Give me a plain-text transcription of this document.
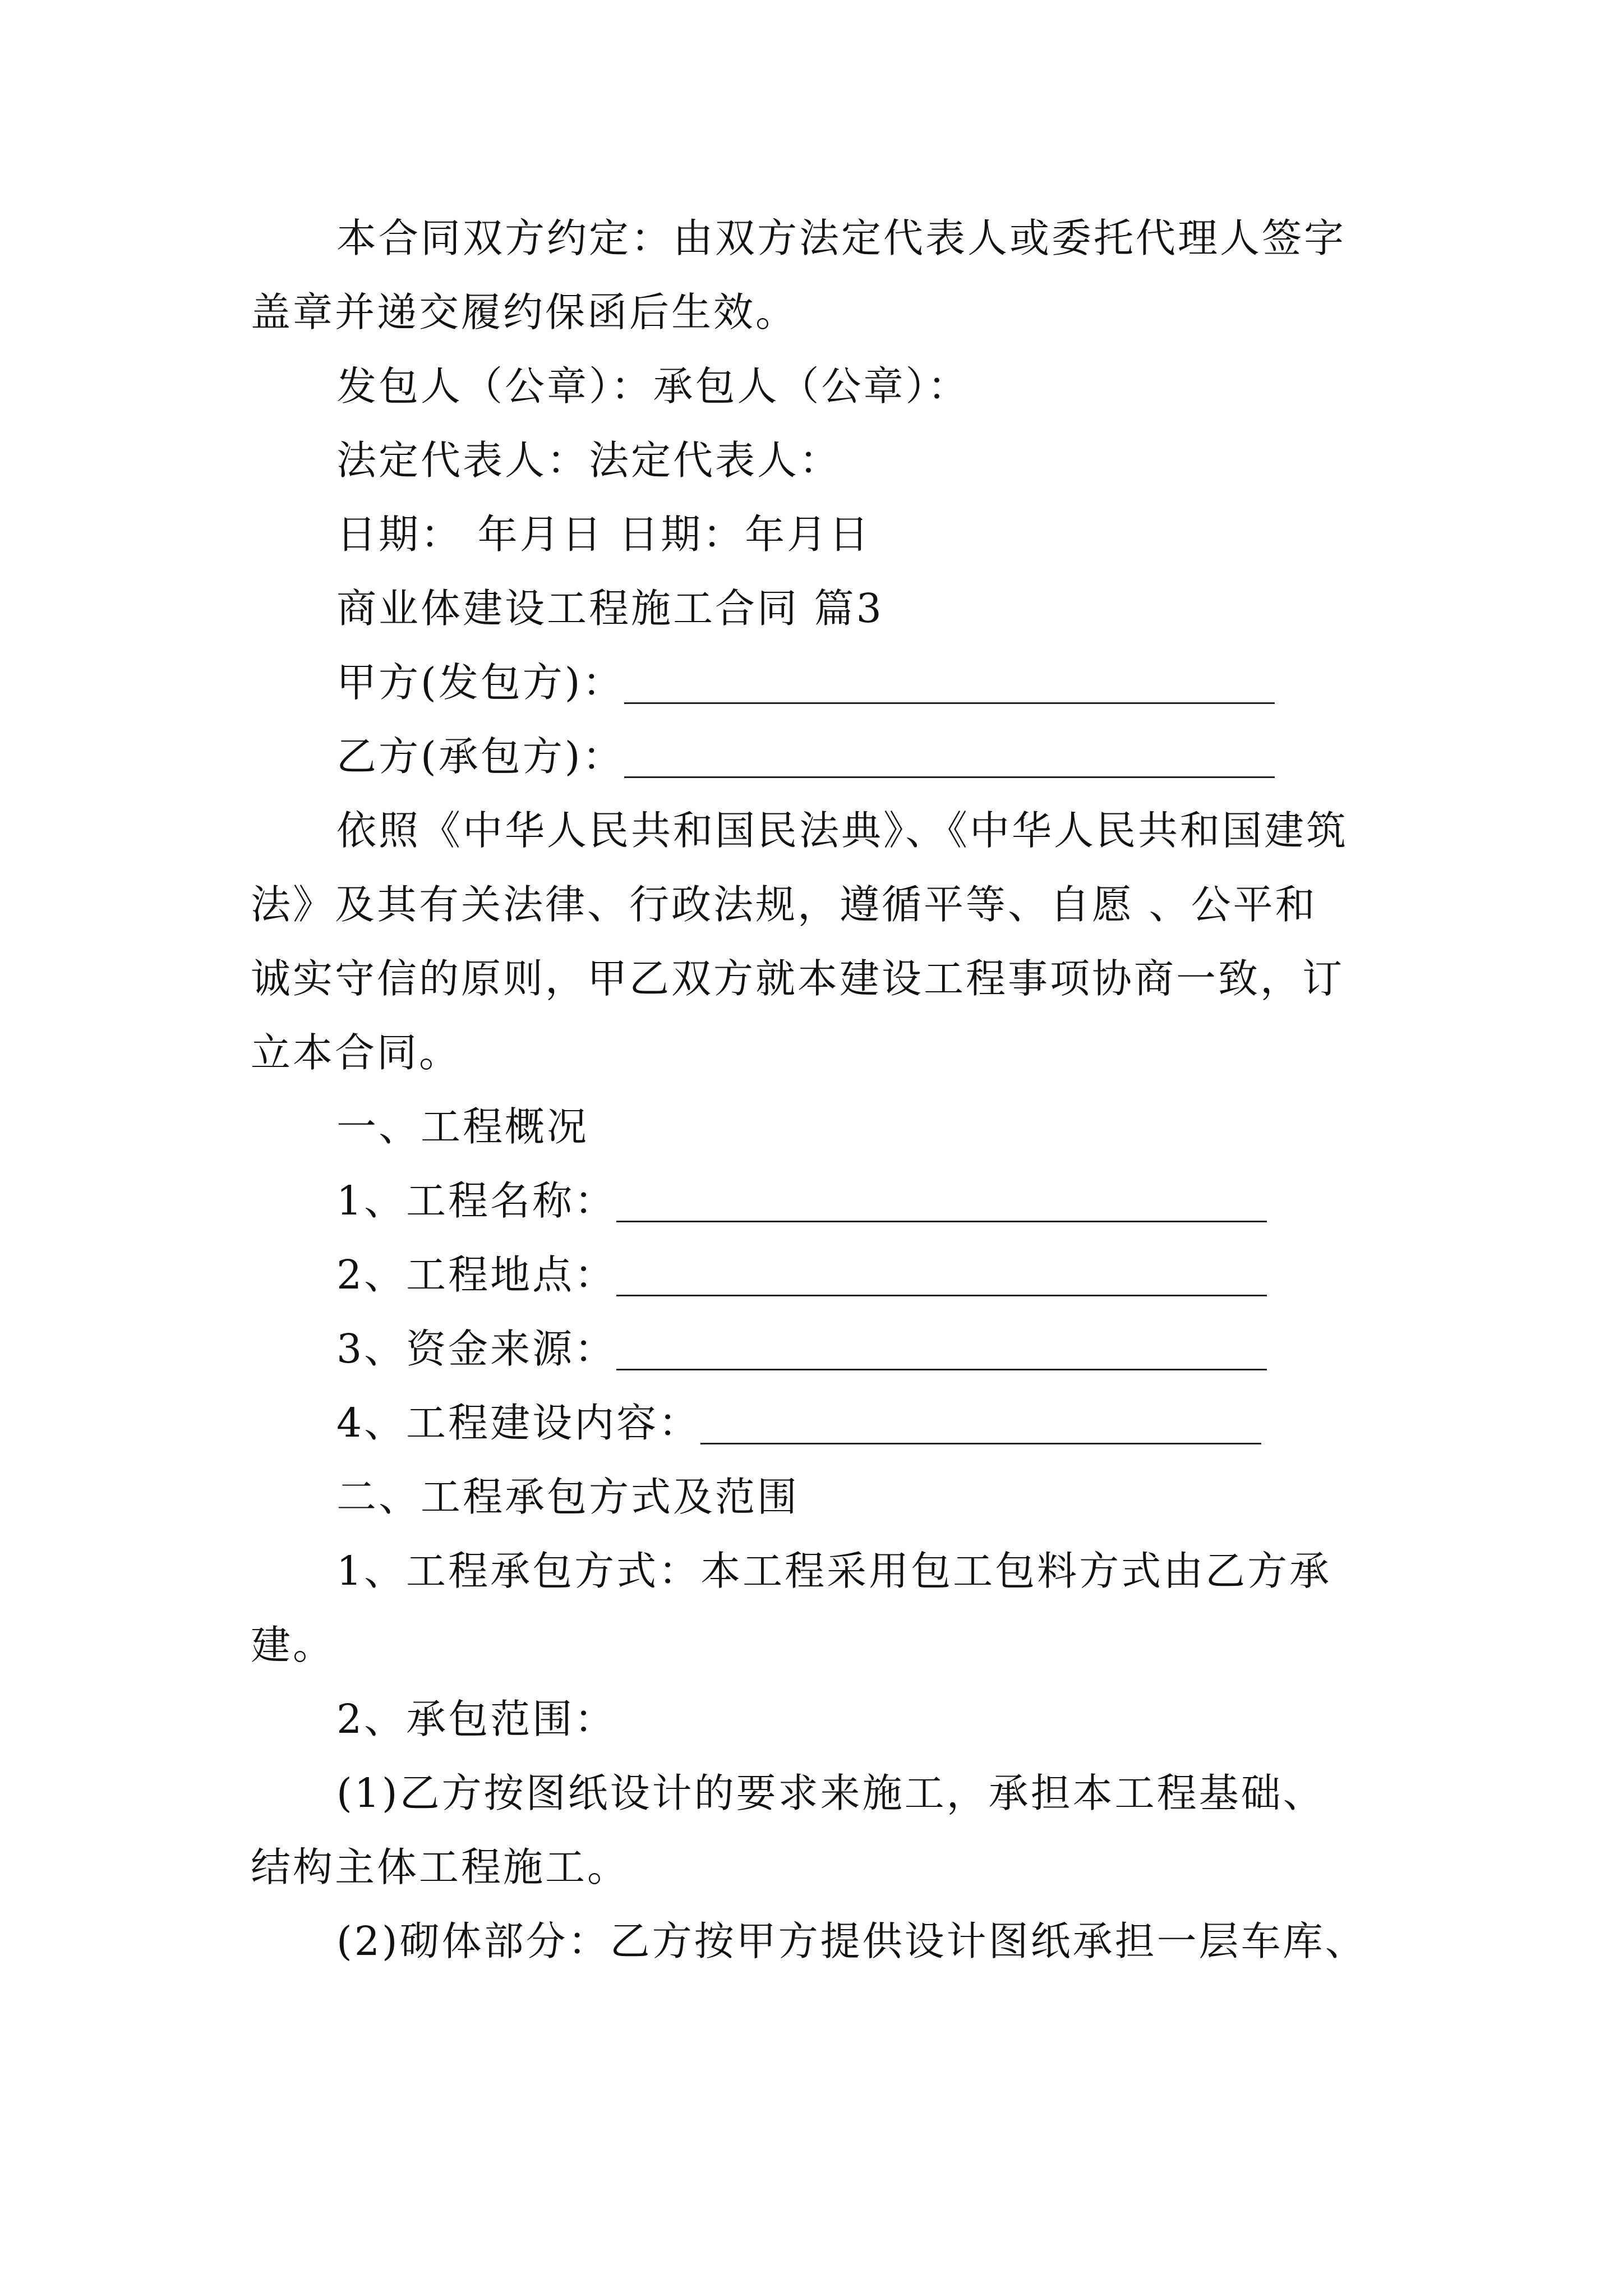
本合同双方约定：由双方法定代表人或委托代理人签字
盖章并递交履约保函后生效。
发包人（公章）：承包人（公章）：
法定代表人：法定代表人：
日期： 年月日 日期：年月日
商业体建设工程施工合同 篇3
甲方(发包方)：
乙方(承包方)：
依照《中华人民共和国民法典》、《中华人民共和国建筑
法》及其有关法律、行政法规，遵循平等、自愿 、公平和
诚实守信的原则，甲乙双方就本建设工程事项协商一致，订
立本合同。
一、工程概况
1、工程名称：
2、工程地点：
3、资金来源：
4、工程建设内容：
二、工程承包方式及范围
1、工程承包方式：本工程采用包工包料方式由乙方承
建。
2、承包范围：
(1)乙方按图纸设计的要求来施工，承担本工程基础、
结构主体工程施工。
(2)砌体部分：乙方按甲方提供设计图纸承担一层车库、
